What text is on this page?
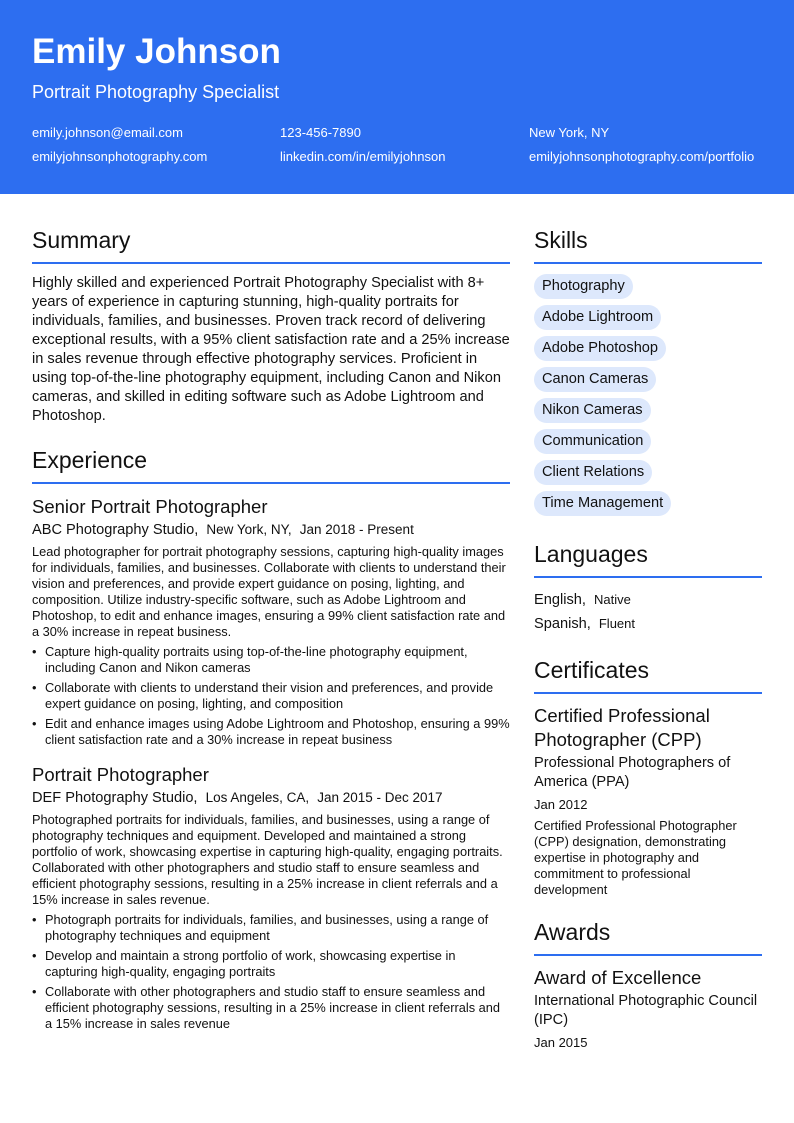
Emily Johnson
Portrait Photography Specialist
emily.johnson@email.com	123-456-7890	New York, NY
emilyjohnsonphotography.com	linkedin.com/in/emilyjohnson	emilyjohnsonphotography.com/portfolio
Summary
Highly skilled and experienced Portrait Photography Specialist with 8+ years of experience in capturing stunning, high-quality portraits for individuals, families, and businesses. Proven track record of delivering exceptional results, with a 95% client satisfaction rate and a 25% increase in sales revenue through effective photography services. Proficient in using top-of-the-line photography equipment, including Canon and Nikon cameras, and skilled in editing software such as Adobe Lightroom and Photoshop.
Experience
Senior Portrait Photographer
ABC Photography Studio, New York, NY, Jan 2018 - Present
Lead photographer for portrait photography sessions, capturing high-quality images for individuals, families, and businesses. Collaborate with clients to understand their vision and preferences, and provide expert guidance on posing, lighting, and composition. Utilize industry-specific software, such as Adobe Lightroom and Photoshop, to edit and enhance images, ensuring a 99% client satisfaction rate and a 30% increase in repeat business.
• Capture high-quality portraits using top-of-the-line photography equipment, including Canon and Nikon cameras
• Collaborate with clients to understand their vision and preferences, and provide expert guidance on posing, lighting, and composition
• Edit and enhance images using Adobe Lightroom and Photoshop, ensuring a 99% client satisfaction rate and a 30% increase in repeat business
Portrait Photographer
DEF Photography Studio, Los Angeles, CA, Jan 2015 - Dec 2017
Photographed portraits for individuals, families, and businesses, using a range of photography techniques and equipment. Developed and maintained a strong portfolio of work, showcasing expertise in capturing high-quality, engaging portraits. Collaborated with other photographers and studio staff to ensure seamless and efficient photography sessions, resulting in a 25% increase in client referrals and a 15% increase in sales revenue.
• Photograph portraits for individuals, families, and businesses, using a range of photography techniques and equipment
• Develop and maintain a strong portfolio of work, showcasing expertise in capturing high-quality, engaging portraits
• Collaborate with other photographers and studio staff to ensure seamless and efficient photography sessions, resulting in a 25% increase in client referrals and a 15% increase in sales revenue
Skills
Photography
Adobe Lightroom
Adobe Photoshop
Canon Cameras
Nikon Cameras
Communication
Client Relations
Time Management
Languages
English, Native
Spanish, Fluent
Certificates
Certified Professional Photographer (CPP)
Professional Photographers of America (PPA)
Jan 2012
Certified Professional Photographer (CPP) designation, demonstrating expertise in photography and commitment to professional development
Awards
Award of Excellence
International Photographic Council (IPC)
Jan 2015
